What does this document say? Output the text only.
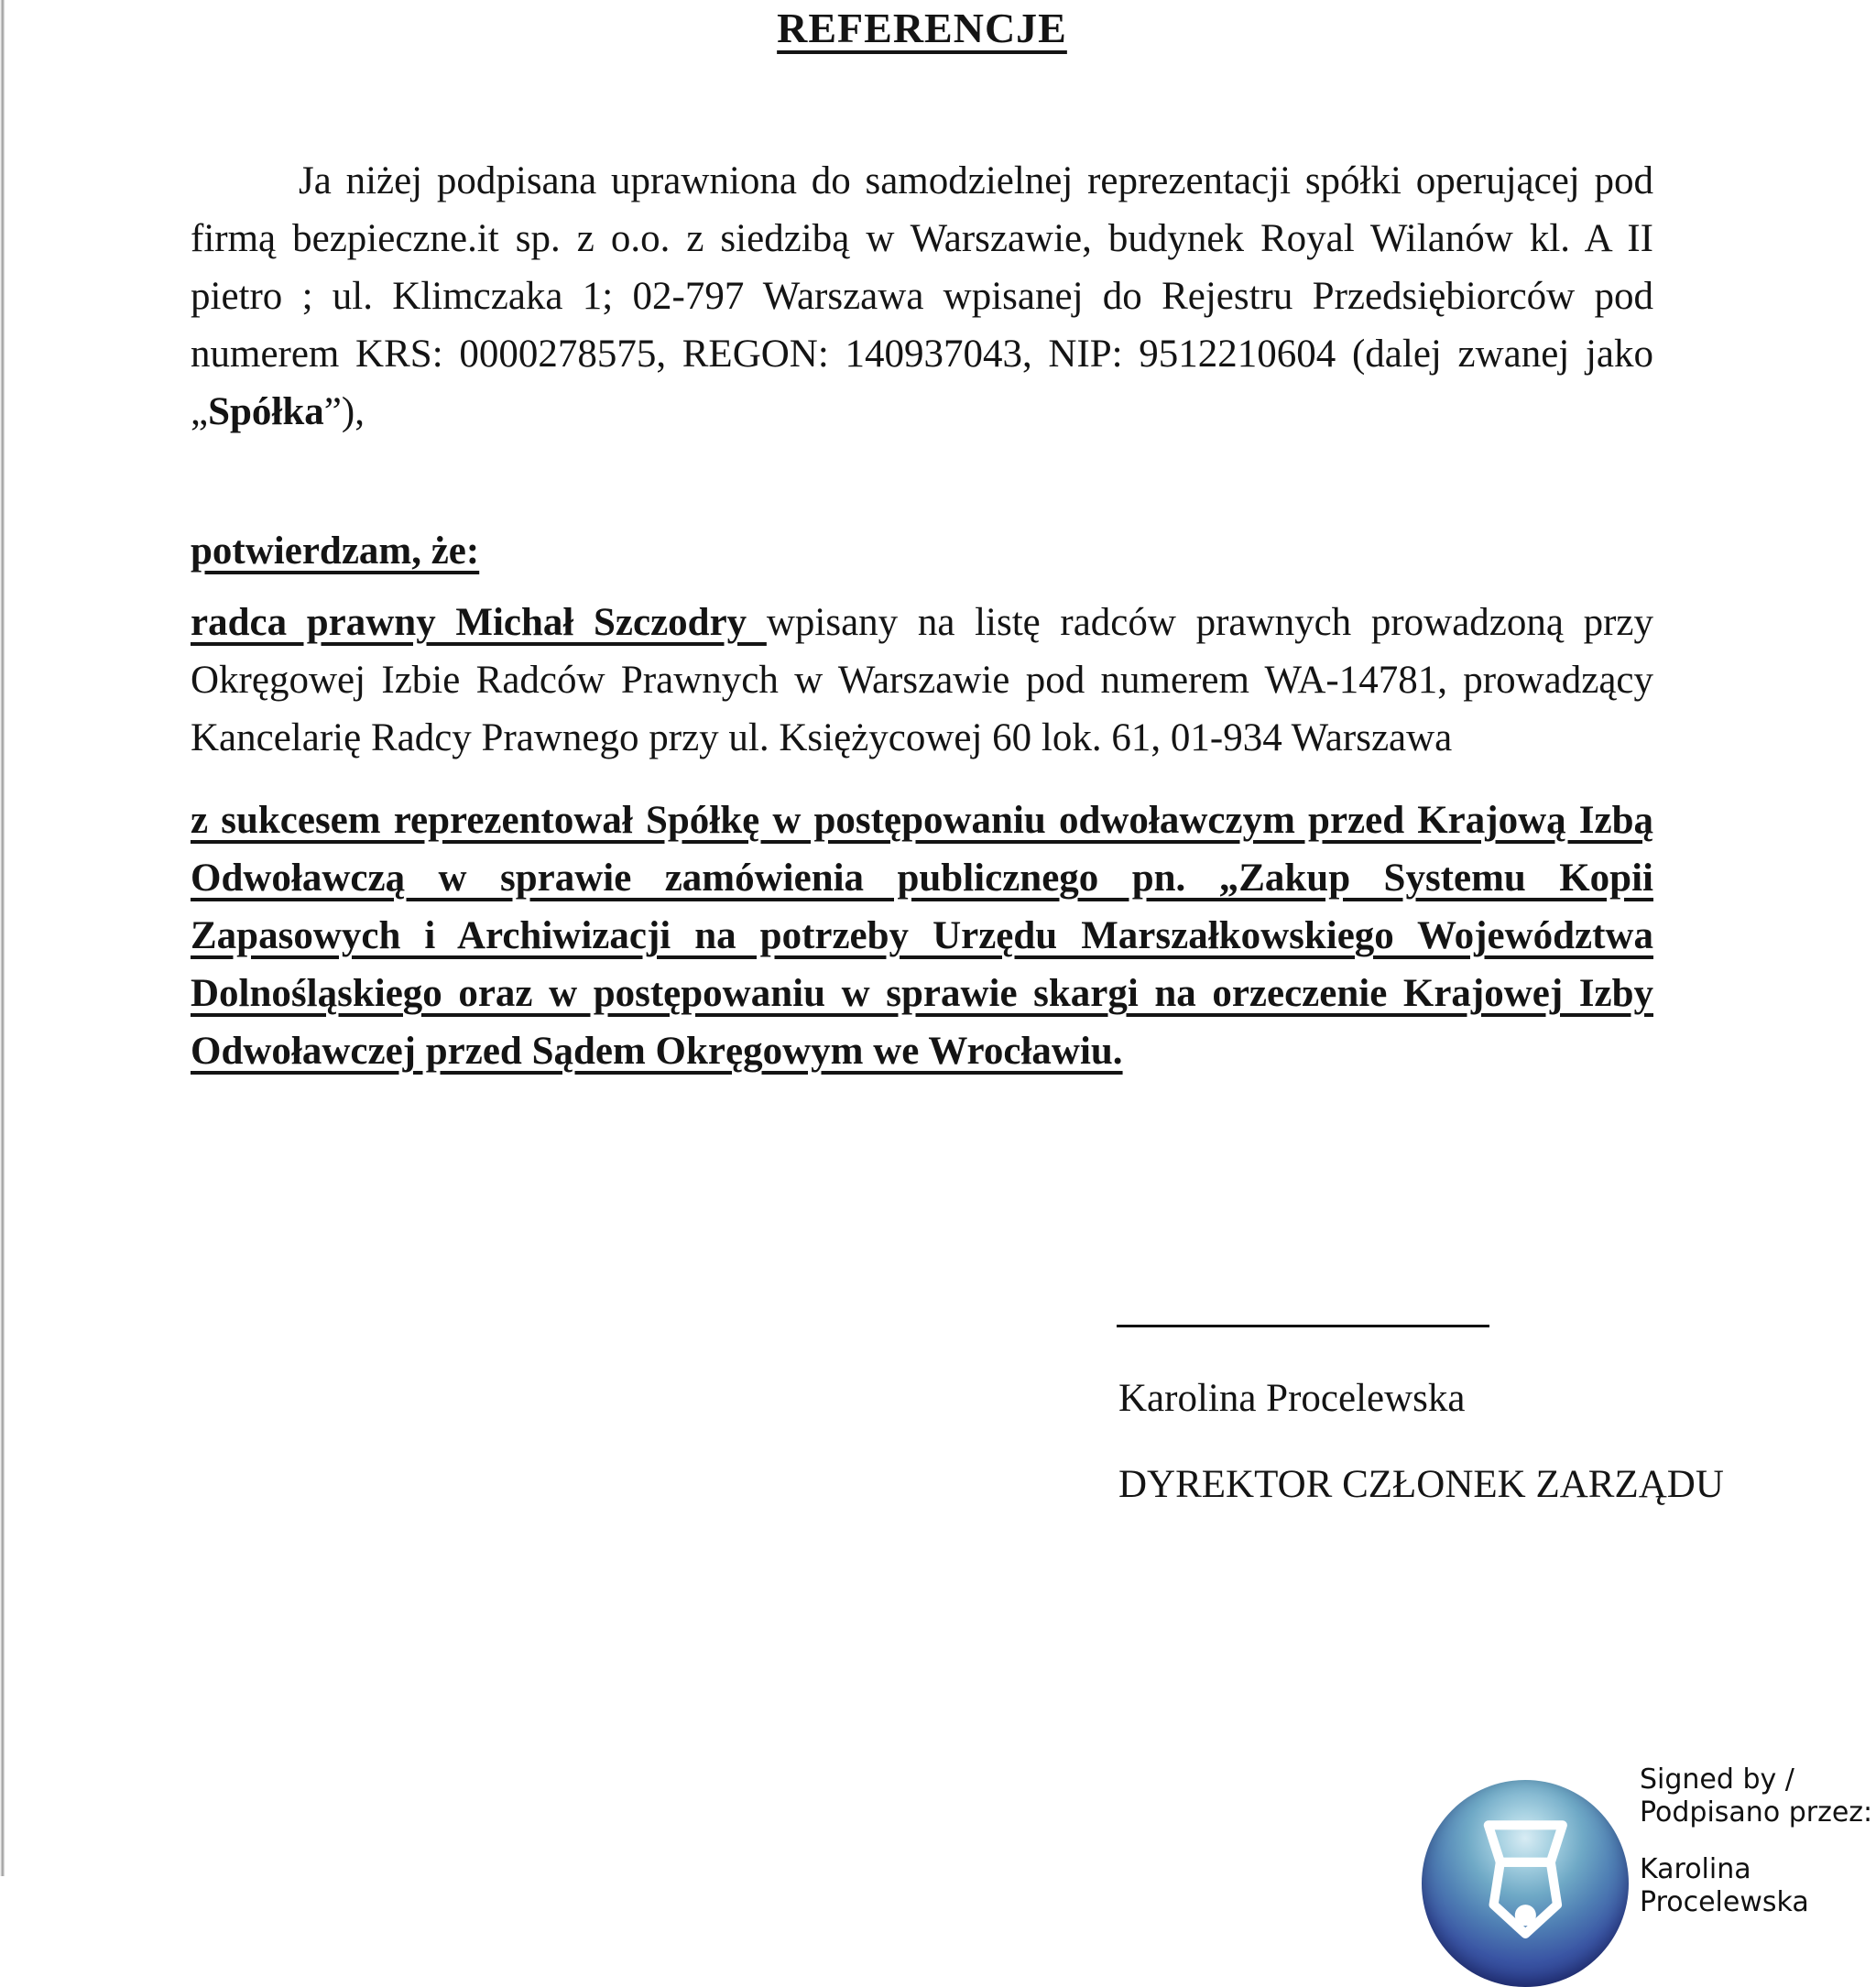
REFERENCJE

Ja niżej podpisana uprawniona do samodzielnej reprezentacji spółki operującej pod firmą bezpieczne.it sp. z o.o. z siedzibą w Warszawie, budynek Royal Wilanów kl. A II pietro ; ul. Klimczaka 1; 02-797 Warszawa wpisanej do Rejestru Przedsiębiorców pod numerem KRS: 0000278575, REGON: 140937043, NIP: 9512210604 (dalej zwanej jako „Spółka”),

potwierdzam, że:

radca prawny Michał Szczodry wpisany na listę radców prawnych prowadzoną przy Okręgowej Izbie Radców Prawnych w Warszawie pod numerem WA-14781, prowadzący Kancelarię Radcy Prawnego przy ul. Księżycowej 60 lok. 61, 01-934 Warszawa

z sukcesem reprezentował Spółkę w postępowaniu odwoławczym przed Krajową Izbą Odwoławczą w sprawie zamówienia publicznego pn. „Zakup Systemu Kopii Zapasowych i Archiwizacji na potrzeby Urzędu Marszałkowskiego Województwa Dolnośląskiego oraz w postępowaniu w sprawie skargi na orzeczenie Krajowej Izby Odwoławczej przed Sądem Okręgowym we Wrocławiu.

Karolina Procelewska

DYREKTOR CZŁONEK ZARZĄDU

Signed by /
Podpisano przez:
Karolina
Procelewska
